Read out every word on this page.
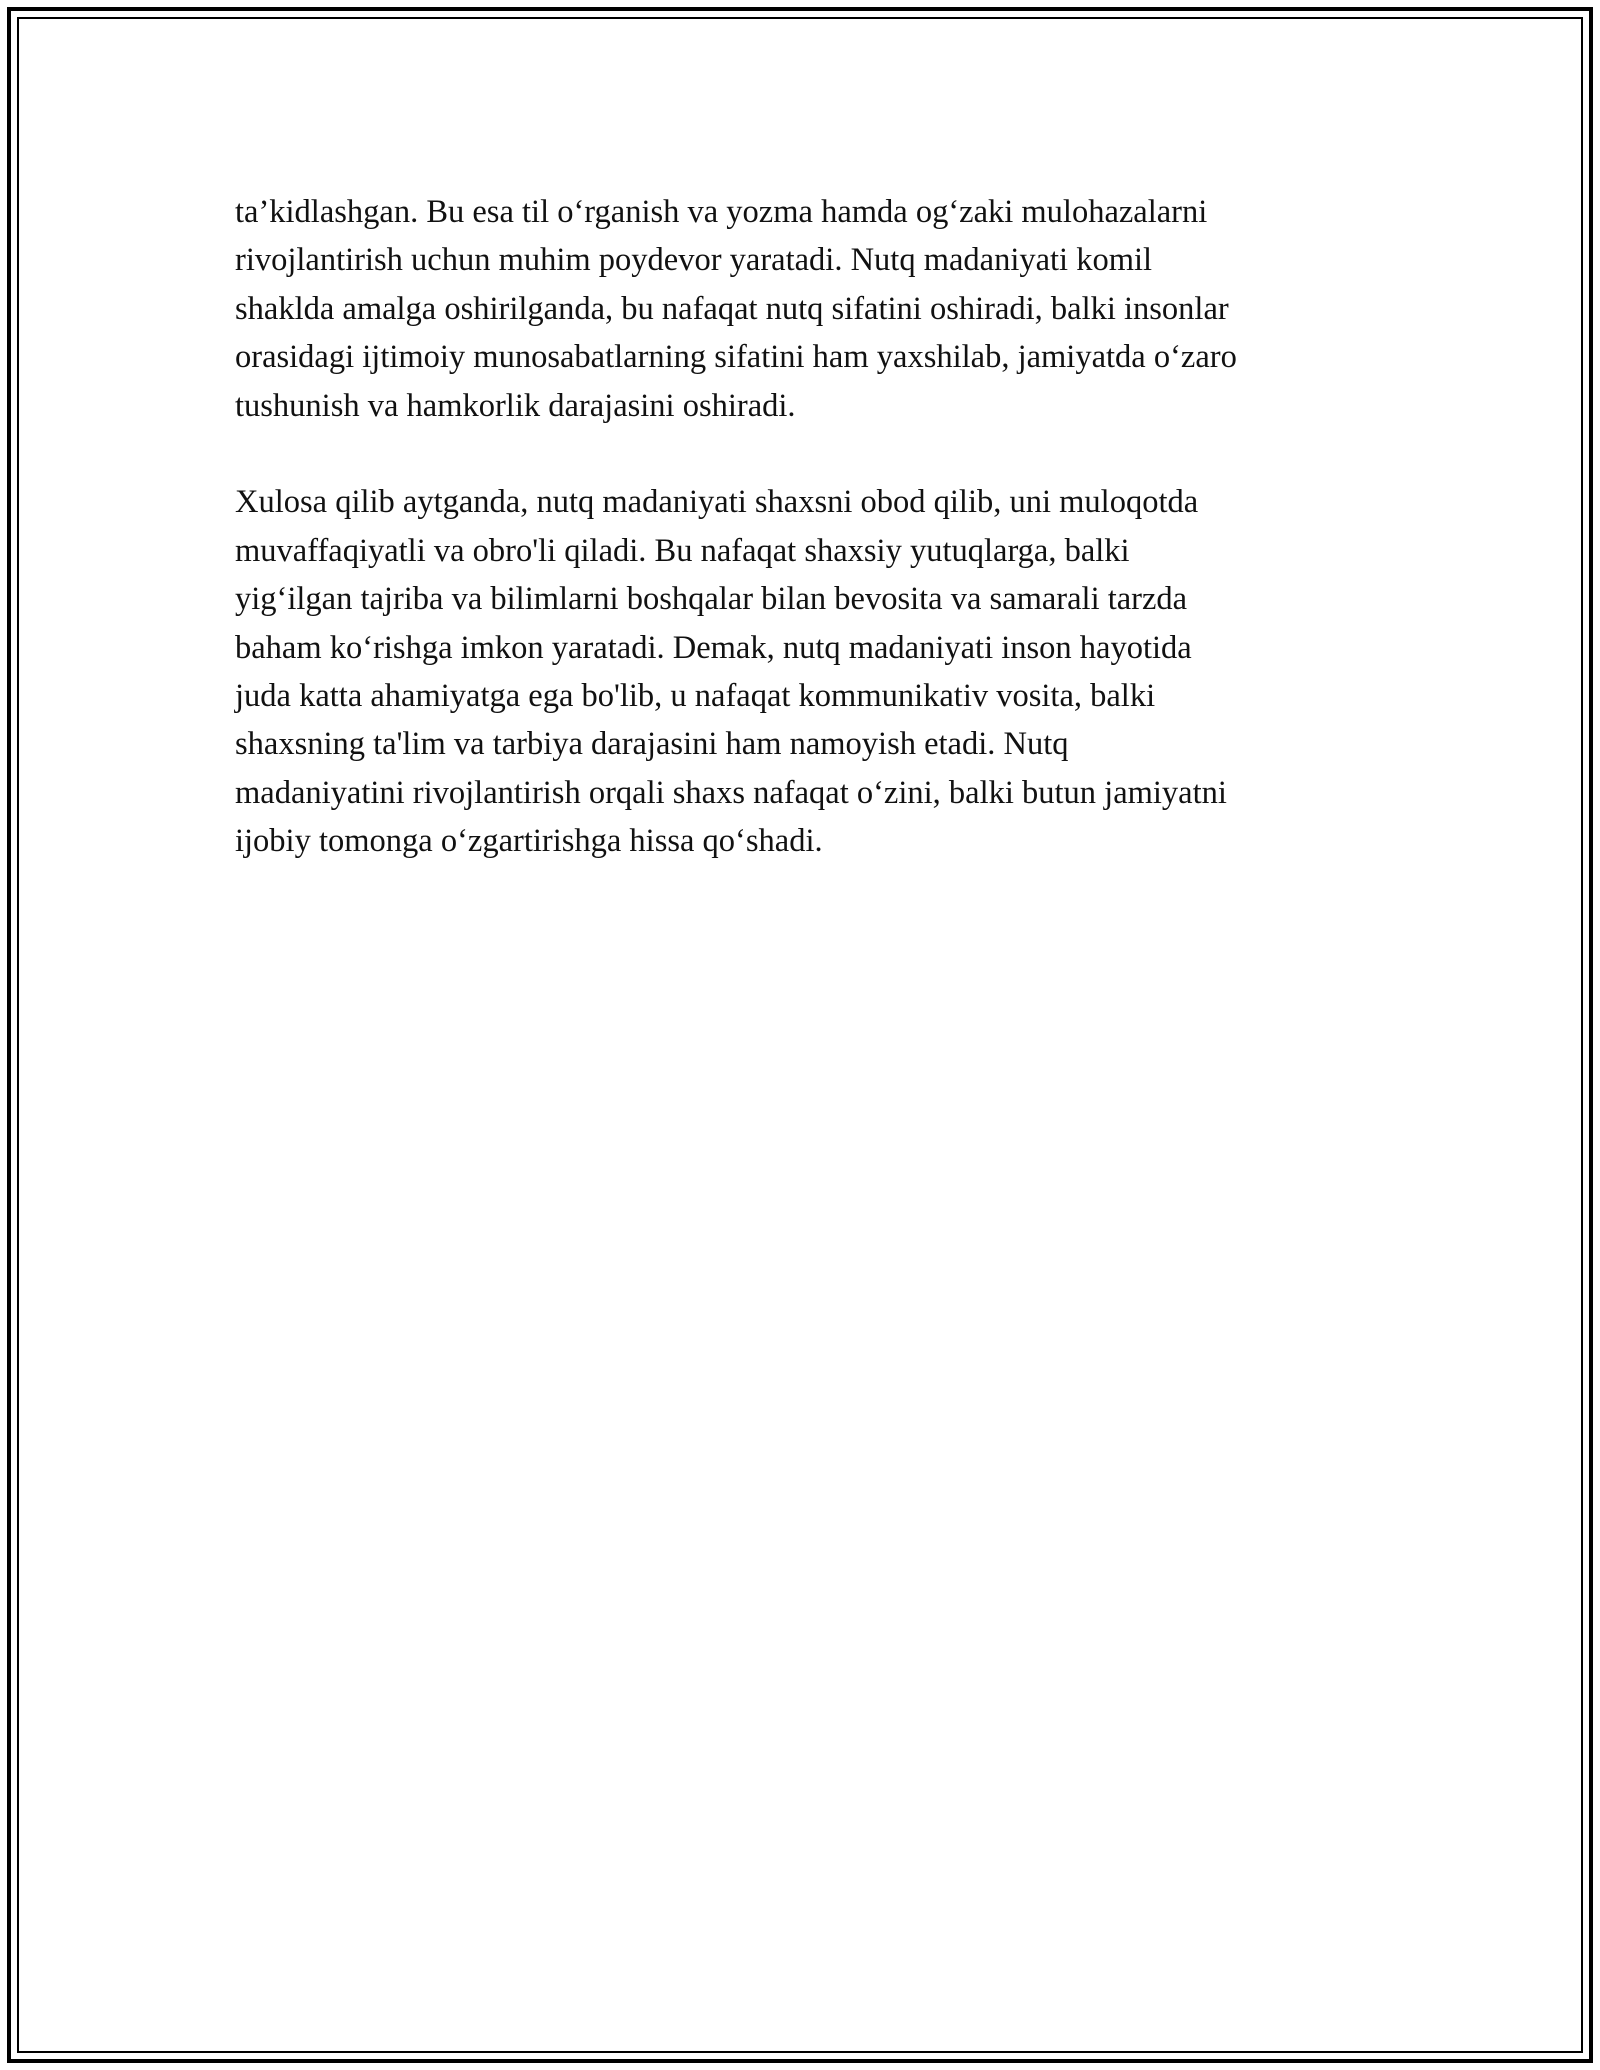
ta’kidlashgan. Bu esa til o‘rganish va yozma hamda og‘zaki mulohazalarni
rivojlantirish uchun muhim poydevor yaratadi. Nutq madaniyati komil
shaklda amalga oshirilganda, bu nafaqat nutq sifatini oshiradi, balki insonlar
orasidagi ijtimoiy munosabatlarning sifatini ham yaxshilab, jamiyatda o‘zaro
tushunish va hamkorlik darajasini oshiradi.

Xulosa qilib aytganda, nutq madaniyati shaxsni obod qilib, uni muloqotda
muvaffaqiyatli va obro'li qiladi. Bu nafaqat shaxsiy yutuqlarga, balki
yig‘ilgan tajriba va bilimlarni boshqalar bilan bevosita va samarali tarzda
baham ko‘rishga imkon yaratadi. Demak, nutq madaniyati inson hayotida
juda katta ahamiyatga ega bo'lib, u nafaqat kommunikativ vosita, balki
shaxsning ta'lim va tarbiya darajasini ham namoyish etadi. Nutq
madaniyatini rivojlantirish orqali shaxs nafaqat o‘zini, balki butun jamiyatni
ijobiy tomonga o‘zgartirishga hissa qo‘shadi.
